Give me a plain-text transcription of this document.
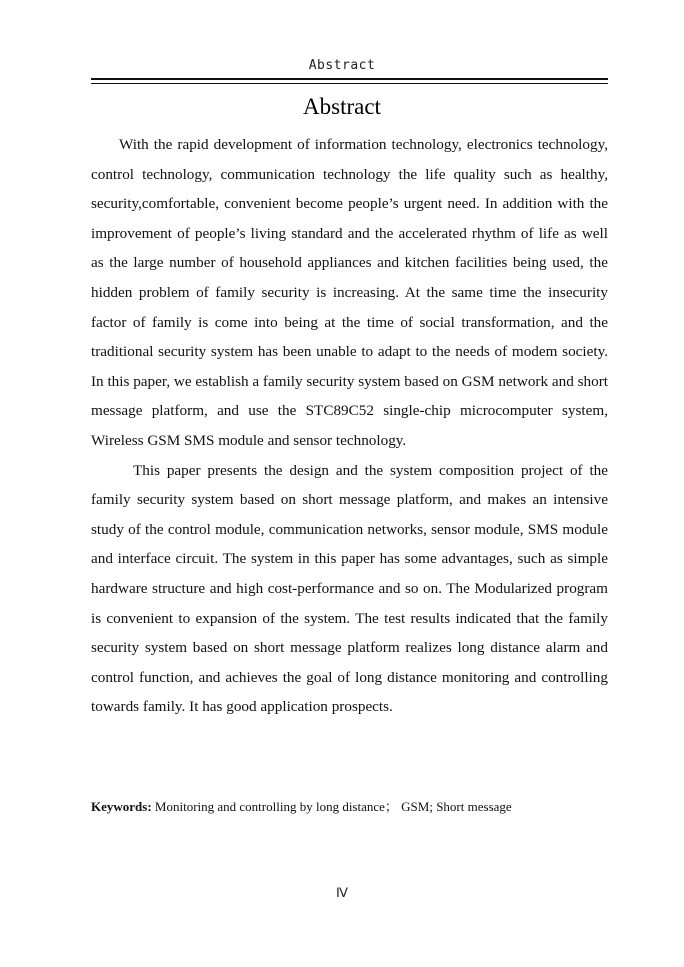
Abstract
Abstract

With the rapid development of information technology, electronics technology, control technology, communication technology the life quality such as healthy, security,comfortable, convenient become people’s urgent need. In addition with the improvement of people’s living standard and the accelerated rhythm of life as well as the large number of household appliances and kitchen facilities being used, the hidden problem of family security is increasing. At the same time the insecurity factor of family is come into being at the time of social transformation, and the traditional security system has been unable to adapt to the needs of modem society. In this paper, we establish a family security system based on GSM network and short message platform, and use the STC89C52 single-chip microcomputer system, Wireless GSM SMS module and sensor technology.

This paper presents the design and the system composition project of the family security system based on short message platform, and makes an intensive study of the control module, communication networks, sensor module, SMS module and interface circuit. The system in this paper has some advantages, such as simple hardware structure and high cost-performance and so on. The Modularized program is convenient to expansion of the system. The test results indicated that the family security system based on short message platform realizes long distance alarm and control function, and achieves the goal of long distance monitoring and controlling towards family. It has good application prospects.

Keywords: Monitoring and controlling by long distance； GSM; Short message
Ⅳ
